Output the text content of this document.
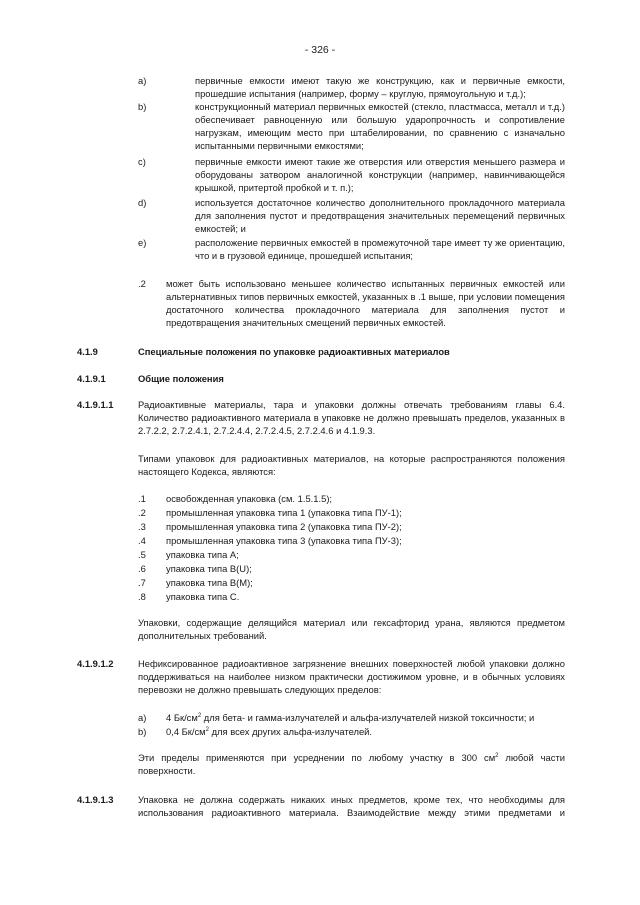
- 326 -
a)	первичные емкости имеют такую же конструкцию, как и первичные емкости, прошедшие испытания (например, форму – круглую, прямоугольную и т.д.);
b)	конструкционный материал первичных емкостей (стекло, пластмасса, металл и т.д.) обеспечивает равноценную или большую ударопрочность и сопротивление нагрузкам, имеющим место при штабелировании, по сравнению с изначально испытанными первичными емкостями;
c)	первичные емкости имеют такие же отверстия или отверстия меньшего размера и оборудованы затвором аналогичной конструкции (например, навинчивающейся крышкой, притертой пробкой и т. п.);
d)	используется достаточное количество дополнительного прокладочного материала для заполнения пустот и предотвращения значительных перемещений первичных емкостей; и
e)	расположение первичных емкостей в промежуточной таре имеет ту же ориентацию, что и в грузовой единице, прошедшей испытания;
.2 может быть использовано меньшее количество испытанных первичных емкостей или альтернативных типов первичных емкостей, указанных в .1 выше, при условии помещения достаточного количества прокладочного материала для заполнения пустот и предотвращения значительных смещений первичных емкостей.
4.1.9	Специальные положения по упаковке радиоактивных материалов
4.1.9.1	Общие положения
4.1.9.1.1	Радиоактивные материалы, тара и упаковки должны отвечать требованиям главы 6.4. Количество радиоактивного материала в упаковке не должно превышать пределов, указанных в 2.7.2.2, 2.7.2.4.1, 2.7.2.4.4, 2.7.2.4.5, 2.7.2.4.6 и 4.1.9.3.
Типами упаковок для радиоактивных материалов, на которые распространяются положения настоящего Кодекса, являются:
.1 освобожденная упаковка (см. 1.5.1.5);
.2 промышленная упаковка типа 1 (упаковка типа ПУ-1);
.3 промышленная упаковка типа 2 (упаковка типа ПУ-2);
.4 промышленная упаковка типа 3 (упаковка типа ПУ-3);
.5 упаковка типа A;
.6 упаковка типа B(U);
.7 упаковка типа B(M);
.8 упаковка типа C.
Упаковки, содержащие делящийся материал или гексафторид урана, являются предметом дополнительных требований.
4.1.9.1.2	Нефиксированное радиоактивное загрязнение внешних поверхностей любой упаковки должно поддерживаться на наиболее низком практически достижимом уровне, и в обычных условиях перевозки не должно превышать следующих пределов:
a) 4 $Бк/см^2$ для бета- и гамма-излучателей и альфа-излучателей низкой токсичности; и
b) 0,4 $Бк/см^2$ для всех других альфа-излучателей.
Эти пределы применяются при усреднении по любому участку в 300 $см^2$ любой части поверхности.
4.1.9.1.3	Упаковка не должна содержать никаких иных предметов, кроме тех, что необходимы для использования радиоактивного материала. Взаимодействие между этими предметами и
